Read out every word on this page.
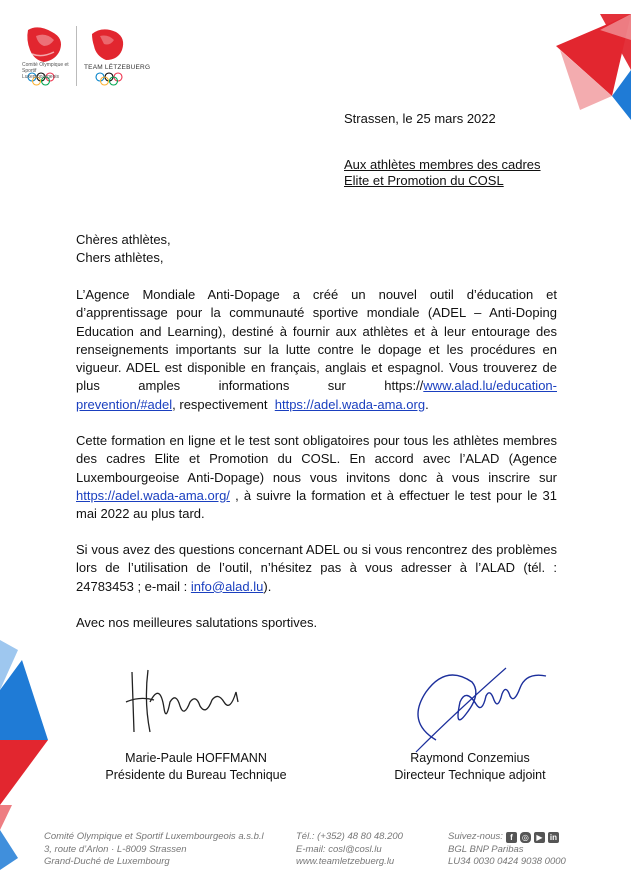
Comité Olympique et
Sportif Luxembourgeois
TEAM LËTZEBUERG
Strassen, le 25 mars 2022
Aux athlètes membres des cadres
Elite et Promotion du COSL
Chères athlètes,
Chers athlètes,
L’Agence Mondiale Anti-Dopage a créé un nouvel outil d’éducation et d’apprentissage pour la communauté sportive mondiale (ADEL – Anti-Doping Education and Learning), destiné à fournir aux athlètes et à leur entourage des renseignements importants sur la lutte contre le dopage et les procédures en vigueur. ADEL est disponible en français, anglais et espagnol. Vous trouverez de plus amples informations sur https://www.alad.lu/education-prevention/#adel, respectivement  https://adel.wada-ama.org.
Cette formation en ligne et le test sont obligatoires pour tous les athlètes membres des cadres Elite et Promotion du COSL. En accord avec l’ALAD (Agence Luxembourgeoise Anti-Dopage) nous vous invitons donc à vous inscrire sur https://adel.wada-ama.org/ , à suivre la formation et à effectuer le test pour le 31 mai 2022 au plus tard.
Si vous avez des questions concernant ADEL ou si vous rencontrez des problèmes lors de l’utilisation de l’outil, n’hésitez pas à vous adresser à l’ALAD (tél. : 24783453 ; e-mail : info@alad.lu).
Avec nos meilleures salutations sportives.
Marie-Paule HOFFMANN
Présidente du Bureau Technique
Raymond Conzemius
Directeur Technique adjoint
Comité Olympique et Sportif Luxembourgeois a.s.b.l
3, route d’Arlon · L-8009 Strassen
Grand-Duché de Luxembourg
Tél.: (+352) 48 80 48.200
E-mail: cosl@cosl.lu
www.teamletzebuerg.lu
Suivez-nous: f ◎ ▶ in
BGL BNP Paribas
LU34 0030 0424 9038 0000
